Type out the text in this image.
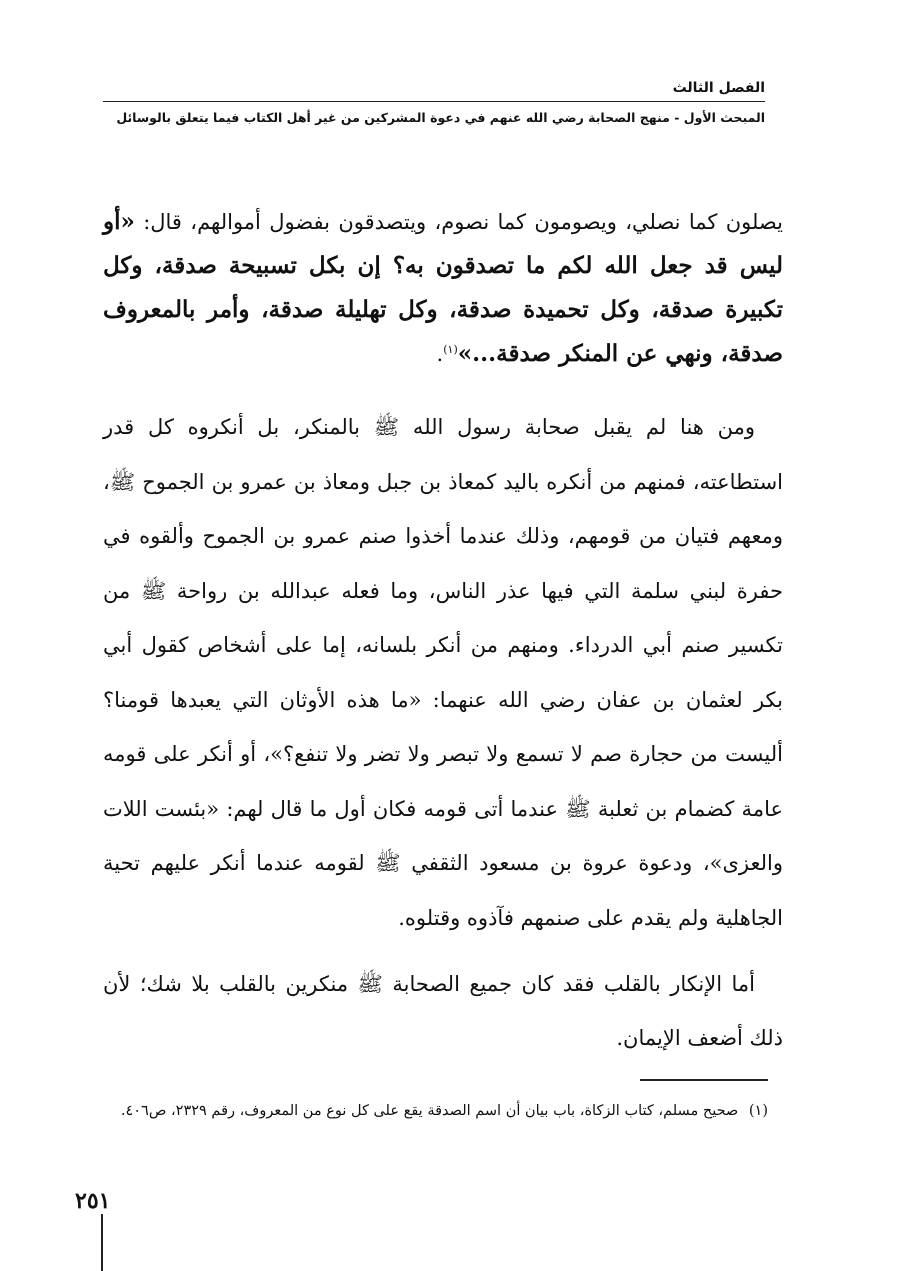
الفصل الثالث
المبحث الأول - منهج الصحابة رضي الله عنهم في دعوة المشركين من غير أهل الكتاب فيما يتعلق بالوسائل

يصلون كما نصلي، ويصومون كما نصوم، ويتصدقون بفضول أموالهم، قال: «أو ليس قد جعل الله لكم ما تصدقون به؟ إن بكل تسبيحة صدقة، وكل تكبيرة صدقة، وكل تحميدة صدقة، وكل تهليلة صدقة، وأمر بالمعروف صدقة، ونهي عن المنكر صدقة...»$^{(١)}$.

ومن هنا لم يقبل صحابة رسول الله ﷺ بالمنكر، بل أنكروه كل قدر استطاعته، فمنهم من أنكره باليد كمعاذ بن جبل ومعاذ بن عمرو بن الجموح ﷺ، ومعهم فتيان من قومهم، وذلك عندما أخذوا صنم عمرو بن الجموح وألقوه في حفرة لبني سلمة التي فيها عذر الناس، وما فعله عبدالله بن رواحة ﷺ من تكسير صنم أبي الدرداء. ومنهم من أنكر بلسانه، إما على أشخاص كقول أبي بكر لعثمان بن عفان رضي الله عنهما: «ما هذه الأوثان التي يعبدها قومنا؟ أليست من حجارة صم لا تسمع ولا تبصر ولا تضر ولا تنفع؟»، أو أنكر على قومه عامة كضمام بن ثعلبة ﷺ عندما أتى قومه فكان أول ما قال لهم: «بئست اللات والعزى»، ودعوة عروة بن مسعود الثقفي ﷺ لقومه عندما أنكر عليهم تحية الجاهلية ولم يقدم على صنمهم فآذوه وقتلوه.

أما الإنكار بالقلب فقد كان جميع الصحابة ﷺ منكرين بالقلب بلا شك؛ لأن ذلك أضعف الإيمان.

(١) صحيح مسلم، كتاب الزكاة، باب بيان أن اسم الصدقة يقع على كل نوع من المعروف، رقم ٢٣٢٩، ص٤٠٦.
٢٥١
